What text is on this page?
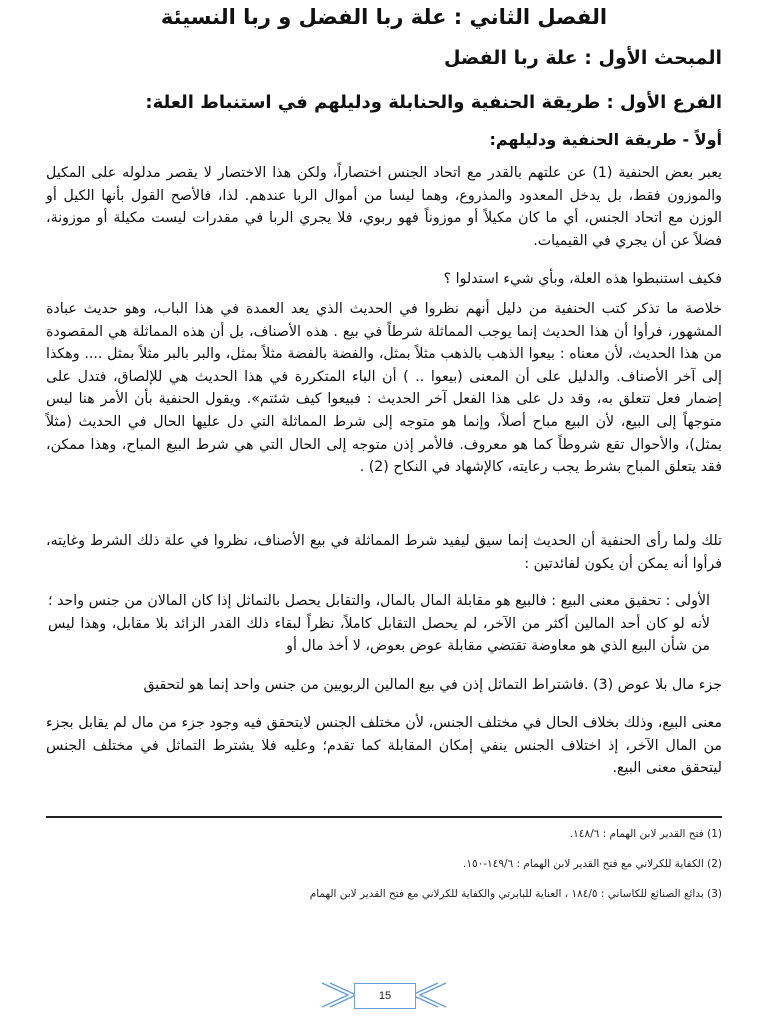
الفصل الثاني : علة ربا الفضل و ربا النسيئة
المبحث الأول : علة ربا الفضل
الفرع الأول : طريقة الحنفية والحنابلة ودليلهم في استنباط العلة:
أولاً - طريقة الحنفية ودليلهم:

يعبر بعض الحنفية (1) عن علتهم بالقدر مع اتحاد الجنس اختصاراً، ولكن هذا الاختصار لا يقصر مدلوله على المكيل والموزون فقط، بل يدخل المعدود والمذروع، وهما ليسا من أموال الربا عندهم. لذا، فالأصح القول بأنها الكيل أو الوزن مع اتحاد الجنس، أي ما كان مكيلاً أو موزوناً فهو ربوي، فلا يجري الربا في مقدرات ليست مكيلة أو موزونة، فضلاً عن أن يجري في القيميات.

فكيف استنبطوا هذه العلة، وبأي شيء استدلوا ؟

خلاصة ما تذكر كتب الحنفية من دليل أنهم نظروا في الحديث الذي يعد العمدة في هذا الباب، وهو حديث عبادة المشهور، فرأوا أن هذا الحديث إنما يوجب المماثلة شرطاً في بيع . هذه الأصناف، بل أن هذه المماثلة هي المقصودة من هذا الحديث، لأن معناه : بيعوا الذهب بالذهب مثلاً بمثل، والفضة بالفضة مثلاً بمثل، والبر بالبر مثلاً بمثل .... وهكذا إلى آخر الأصناف. والدليل على أن المعنى (بيعوا .. ) أن الباء المتكررة في هذا الحديث هي للإلصاق، فتدل على إضمار فعل تتعلق به، وقد دل على هذا الفعل آخر الحديث : فبيعوا كيف شئتم». ويقول الحنفية بأن الأمر هنا ليس متوجهاً إلى البيع، لأن البيع مباح أصلاً، وإنما هو متوجه إلى شرط المماثلة التي دل عليها الحال في الحديث (مثلاً بمثل)، والأحوال تقع شروطاً كما هو معروف. فالأمر إذن متوجه إلى الحال التي هي شرط البيع المباح، وهذا ممكن، فقد يتعلق المباح بشرط يجب رعايته، كالإشهاد في النكاح (2) .

تلك ولما رأى الحنفية أن الحديث إنما سيق ليفيد شرط المماثلة في بيع الأصناف، نظروا في علة ذلك الشرط وغايته، فرأوا أنه يمكن أن يكون لفائدتين :

الأولى : تحقيق معنى البيع : فالبيع هو مقابلة المال بالمال، والتقابل يحصل بالتماثل إذا كان المالان من جنس واحد ؛ لأنه لو كان أحد المالين أكثر من الآخر، لم يحصل التقابل كاملاً، نظراً لبقاء ذلك القدر الزائد بلا مقابل، وهذا ليس من شأن البيع الذي هو معاوضة تقتضي مقابلة عوض بعوض، لا أخذ مال أو

جزء مال بلا عوض (3) .فاشتراط التماثل إذن في بيع المالين الربويين من جنس واحد إنما هو لتحقيق

معنى البيع، وذلك بخلاف الحال في مختلف الجنس، لأن مختلف الجنس لايتحقق فيه وجود جزء من مال لم يقابل بجزء من المال الآخر، إذ اختلاف الجنس ينفي إمكان المقابلة كما تقدم؛ وعليه فلا يشترط التماثل في مختلف الجنس ليتحقق معنى البيع.

(1) فتح القدير لابن الهمام : ١٤٨/٦.

(2) الكفاية للكرلاني مع فتح القدير لابن الهمام : ١٤٩/٦-١٥٠.

(3) بدائع الصنائع للكاساني : ١٨٤/٥ ، العناية للبابرتي والكفاية للكرلاني مع فتح القدير لابن الهمام

15
